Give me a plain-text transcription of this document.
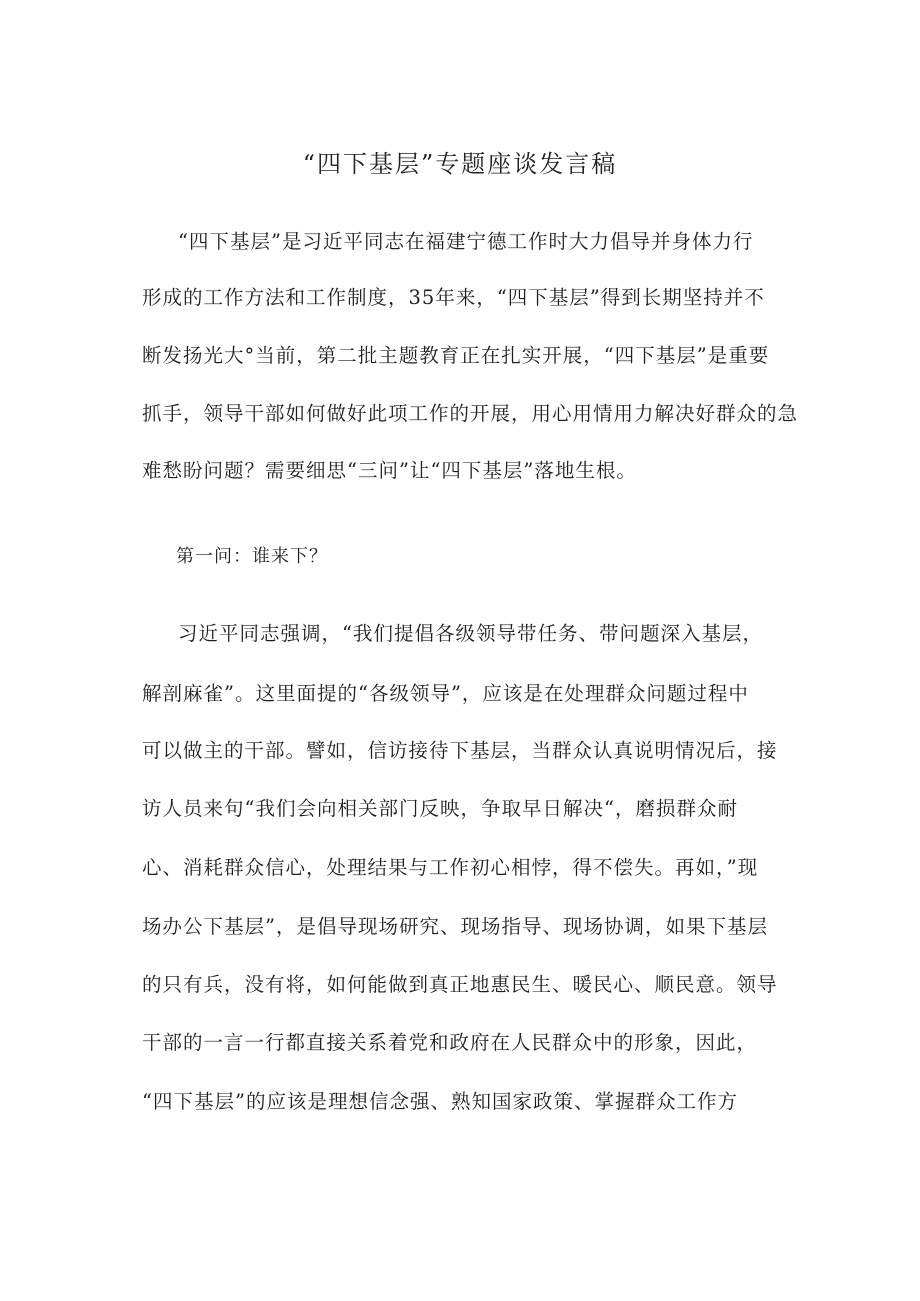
“四下基层”专题座谈发言稿
“四下基层”是习近平同志在福建宁德工作时大力倡导并身体力行
形成的工作方法和工作制度，35年来，“四下基层”得到长期坚持并不
断发扬光大°当前，第二批主题教育正在扎实开展，“四下基层”是重要
抓手，领导干部如何做好此项工作的开展，用心用情用力解决好群众的急
难愁盼问题？需要细思“三问”让“四下基层”落地生根。
第一问：谁来下？
习近平同志强调，“我们提倡各级领导带任务、带问题深入基层，
解剖麻雀”。这里面提的“各级领导”，应该是在处理群众问题过程中
可以做主的干部。譬如，信访接待下基层，当群众认真说明情况后，接
访人员来句“我们会向相关部门反映，争取早日解决“，磨损群众耐
心、消耗群众信心，处理结果与工作初心相悖，得不偿失。再如，”现
场办公下基层”，是倡导现场研究、现场指导、现场协调，如果下基层
的只有兵，没有将，如何能做到真正地惠民生、暖民心、顺民意。领导
干部的一言一行都直接关系着党和政府在人民群众中的形象，因此，
“四下基层”的应该是理想信念强、熟知国家政策、掌握群众工作方
